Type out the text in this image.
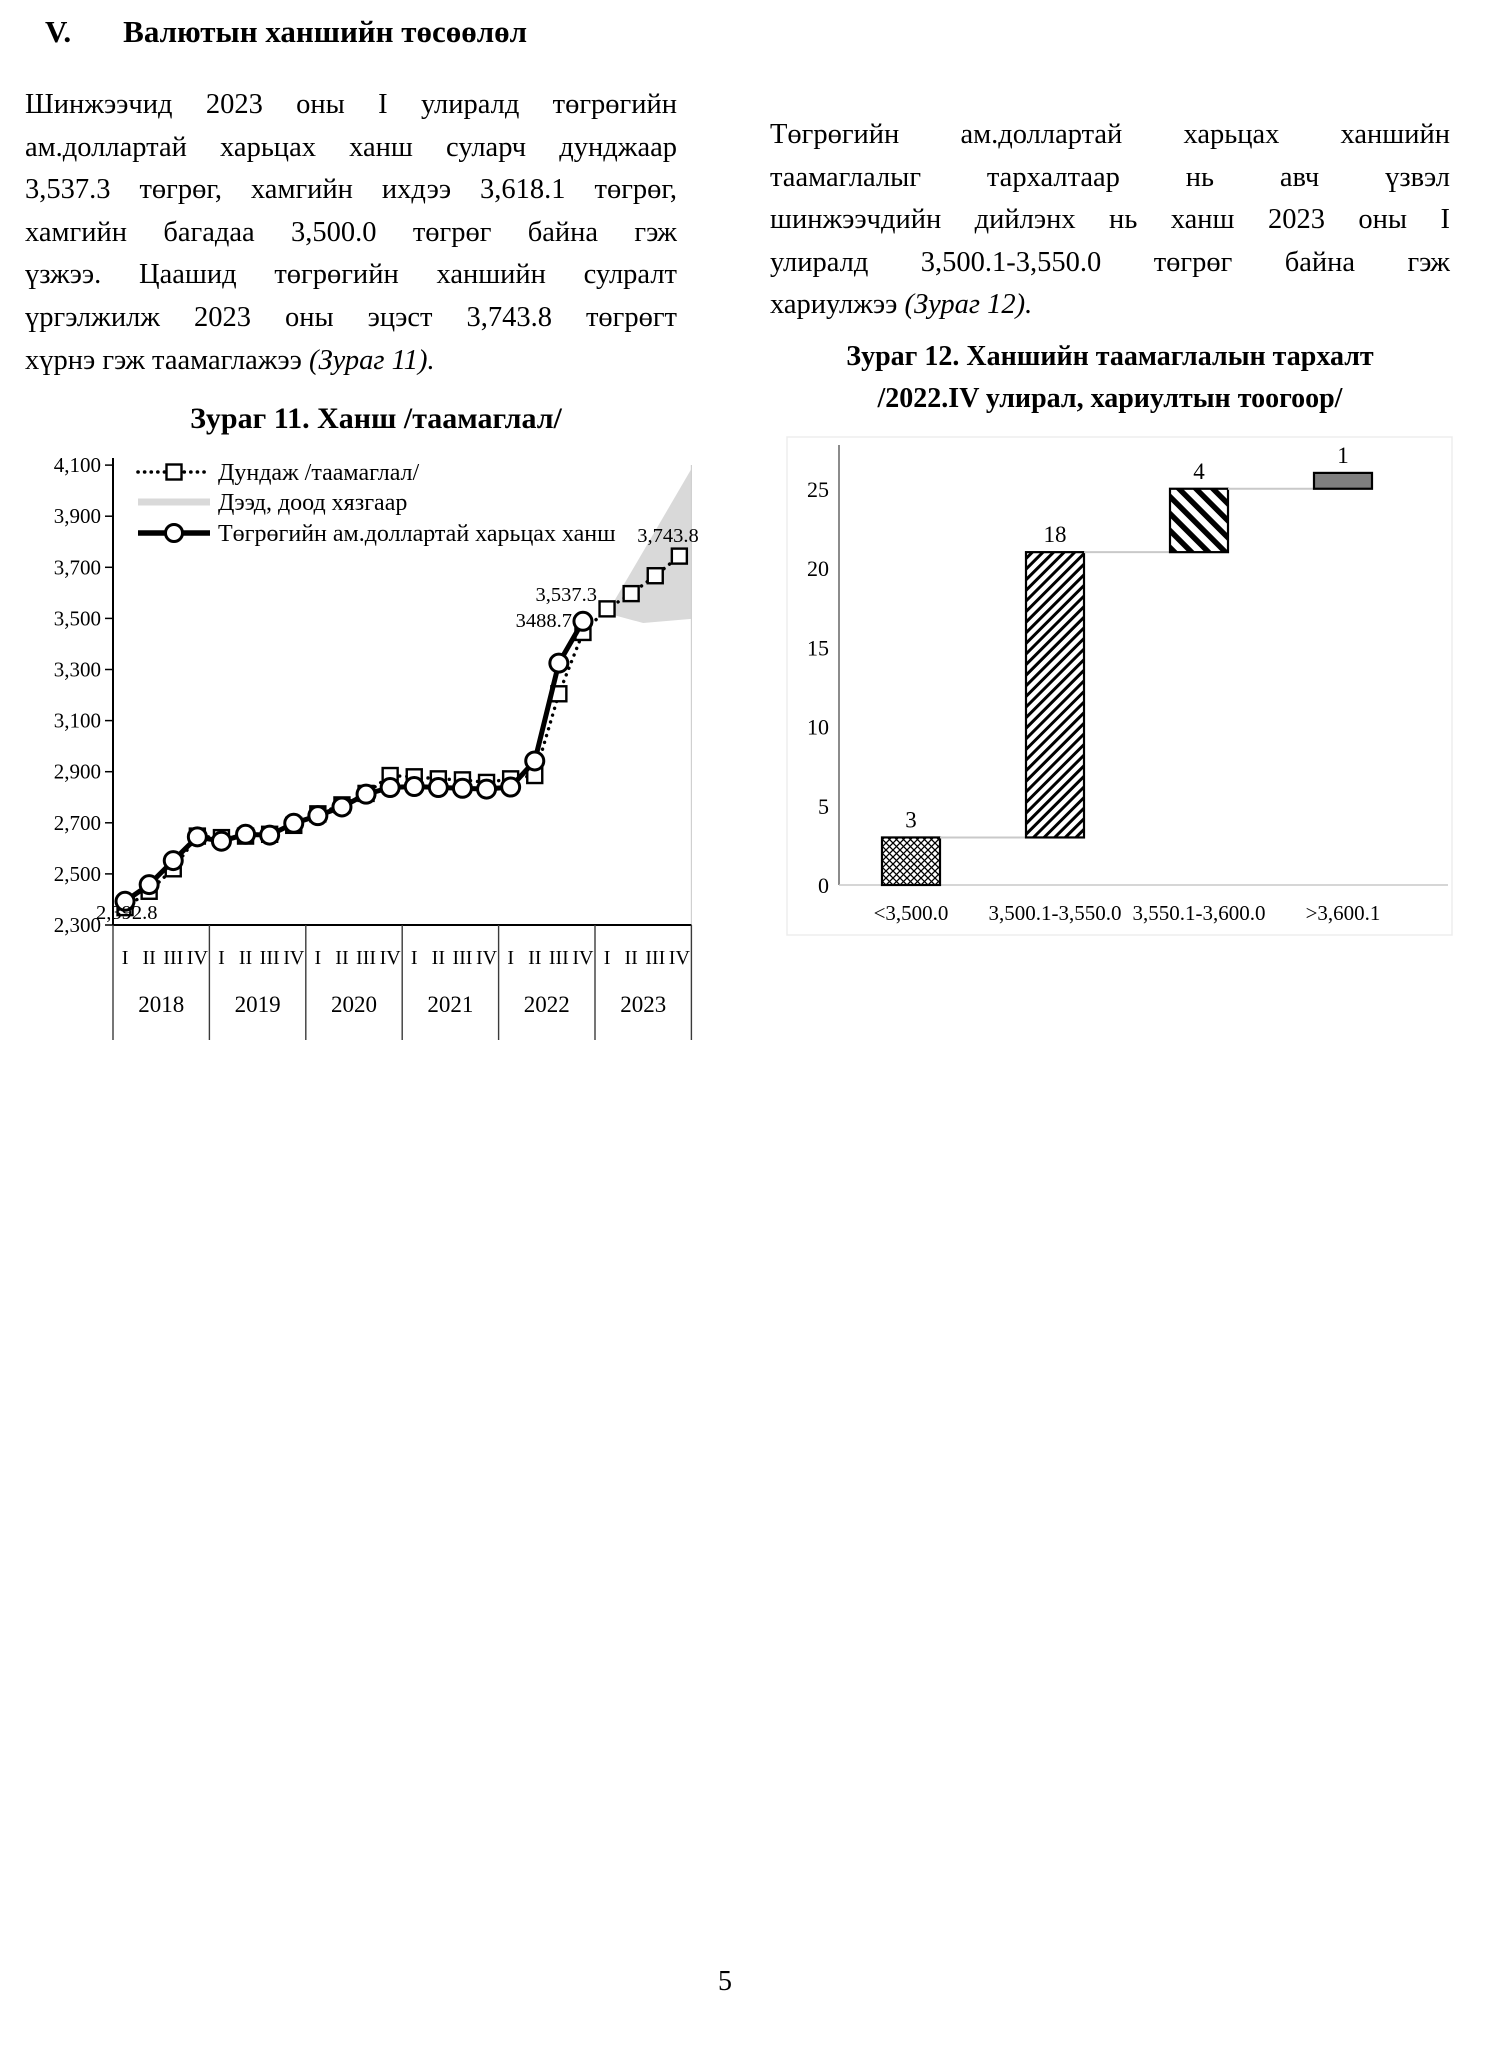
V. Валютын ханшийн төсөөлөл
Шинжээчид 2023 оны I улиралд төгрөгийн
ам.доллартай харьцах ханш суларч дунджаар
3,537.3 төгрөг, хамгийн ихдээ 3,618.1 төгрөг,
хамгийн багадаа 3,500.0 төгрөг байна гэж
үзжээ. Цаашид төгрөгийн ханшийн сулралт
үргэлжилж 2023 оны эцэст 3,743.8 төгрөгт
хүрнэ гэж таамаглажээ (Зураг 11).
Төгрөгийн ам.доллартай харьцах ханшийн
таамаглалыг тархалтаар нь авч үзвэл
шинжээчдийн дийлэнх нь ханш 2023 оны I
улиралд 3,500.1-3,550.0 төгрөг байна гэж
хариулжээ (Зураг 12).
Зураг 11. Ханш /таамаглал/
Зураг 12. Ханшийн таамаглалын тархалт
/2022.IV улирал, хариултын тоогоор/
2,300
2,500
2,700
2,900
3,100
3,300
3,500
3,700
3,900
4,100
I II III IV
2018
I II III IV
2019
I II III IV
2020
I II III IV
2021
I II III IV
2022
I II III IV
2023
2,392.8
3488.7
3,537.3
3,743.8
Дундаж /таамаглал/
Дээд, доод хязгаар
Төгрөгийн ам.доллартай харьцах ханш
0
5
10
15
20
25
3
18
4
1
<3,500.0 3,500.1-3,550.0 3,550.1-3,600.0 >3,600.1
5
